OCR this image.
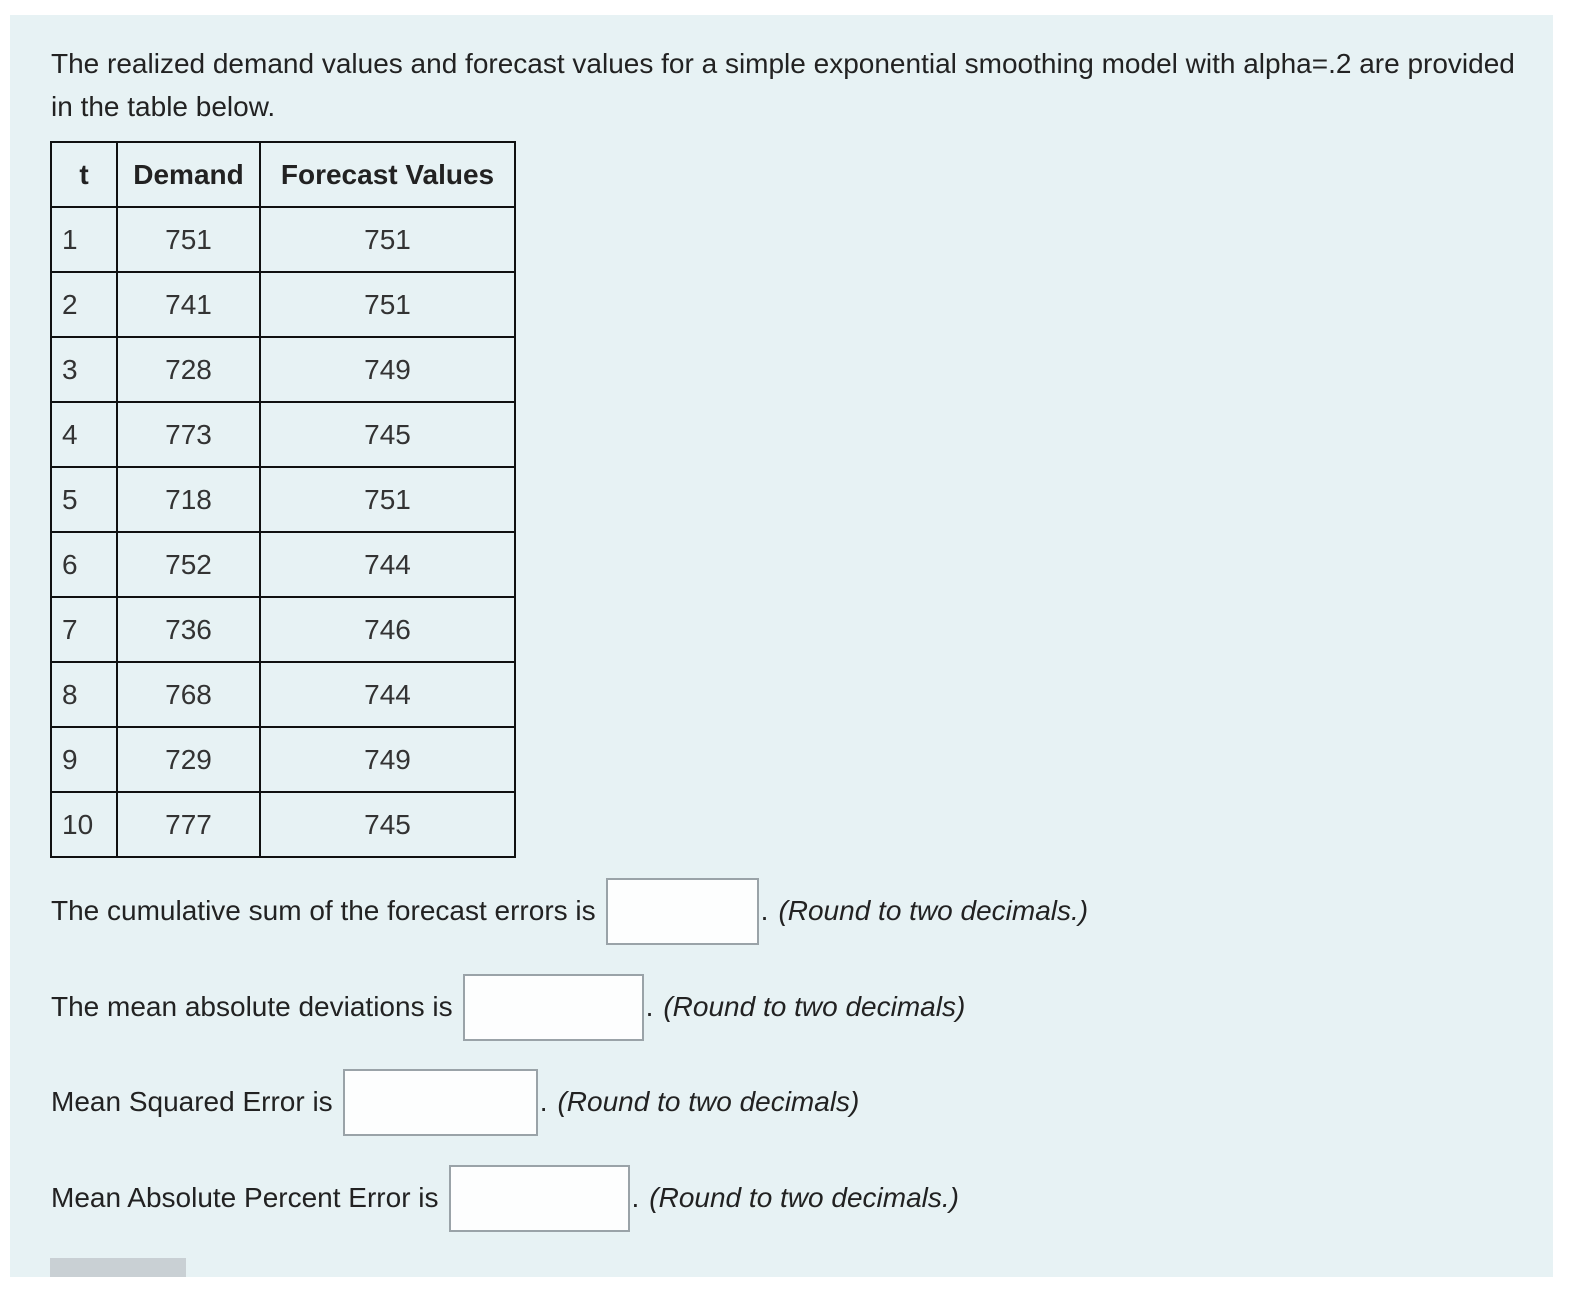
The realized demand values and forecast values for a simple exponential smoothing model with alpha=.2 are provided in the table below.
t	Demand	Forecast Values
1	751	751
2	741	751
3	728	749
4	773	745
5	718	751
6	752	744
7	736	746
8	768	744
9	729	749
10	777	745
The cumulative sum of the forecast errors is	. (Round to two decimals.)
The mean absolute deviations is	. (Round to two decimals)
Mean Squared Error is	. (Round to two decimals)
Mean Absolute Percent Error is	. (Round to two decimals.)
